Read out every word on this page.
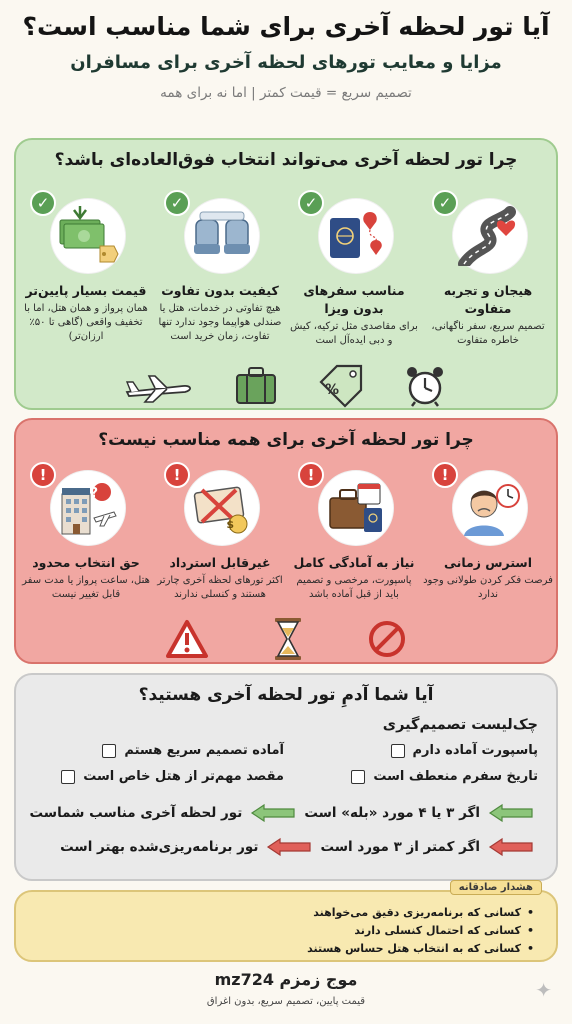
آیا تور لحظه آخری برای شما مناسب است؟
مزایا و معایب تورهای لحظه آخری برای مسافران
تصمیم سریع = قیمت کمتر | اما نه برای همه
چرا تور لحظه آخری می‌تواند انتخاب فوق‌العاده‌ای باشد؟
✓
هیجان و تجربه متفاوت
تصمیم سریع، سفر ناگهانی، خاطره متفاوت
✓
مناسب سفرهای بدون ویزا
برای مقاصدی مثل ترکیه، کیش و دبی ایده‌آل است
✓
کیفیت بدون تفاوت
هیچ تفاوتی در خدمات، هتل یا صندلی هواپیما وجود ندارد تنها تفاوت، زمان خرید است
✓
قیمت بسیار پایین‌تر
همان پرواز و همان هتل، اما با تخفیف واقعی (گاهی تا ۵۰٪ ارزان‌تر)
%
چرا تور لحظه آخری برای همه مناسب نیست؟
!
استرس زمانی
فرصت فکر کردن طولانی وجود ندارد
!
نیاز به آمادگی کامل
پاسپورت، مرخصی و تصمیم باید از قبل آماده باشد
!
$
غیرقابل استرداد
اکثر تورهای لحظه آخری چارتر هستند و کنسلی ندارند
!
?
حق انتخاب محدود
هتل، ساعت پرواز یا مدت سفر قابل تغییر نیست
آیا شما آدمِ تور لحظه آخری هستید؟
چک‌لیست تصمیم‌گیری
پاسپورت آماده دارم
آماده تصمیم سریع هستم
تاریخ سفرم منعطف است
مقصد مهم‌تر از هتل خاص است
اگر ۳ یا ۴ مورد «بله» است
تور لحظه آخری مناسب شماست
اگر کمتر از ۳ مورد است
تور برنامه‌ریزی‌شده بهتر است
هشدار صادقانه
• کسانی که برنامه‌ریزی دقیق می‌خواهند
• کسانی که احتمال کنسلی دارند
• کسانی که به انتخاب هتل حساس هستند
موج زمزم mz724
قیمت پایین، تصمیم سریع، بدون اغراق	✦
